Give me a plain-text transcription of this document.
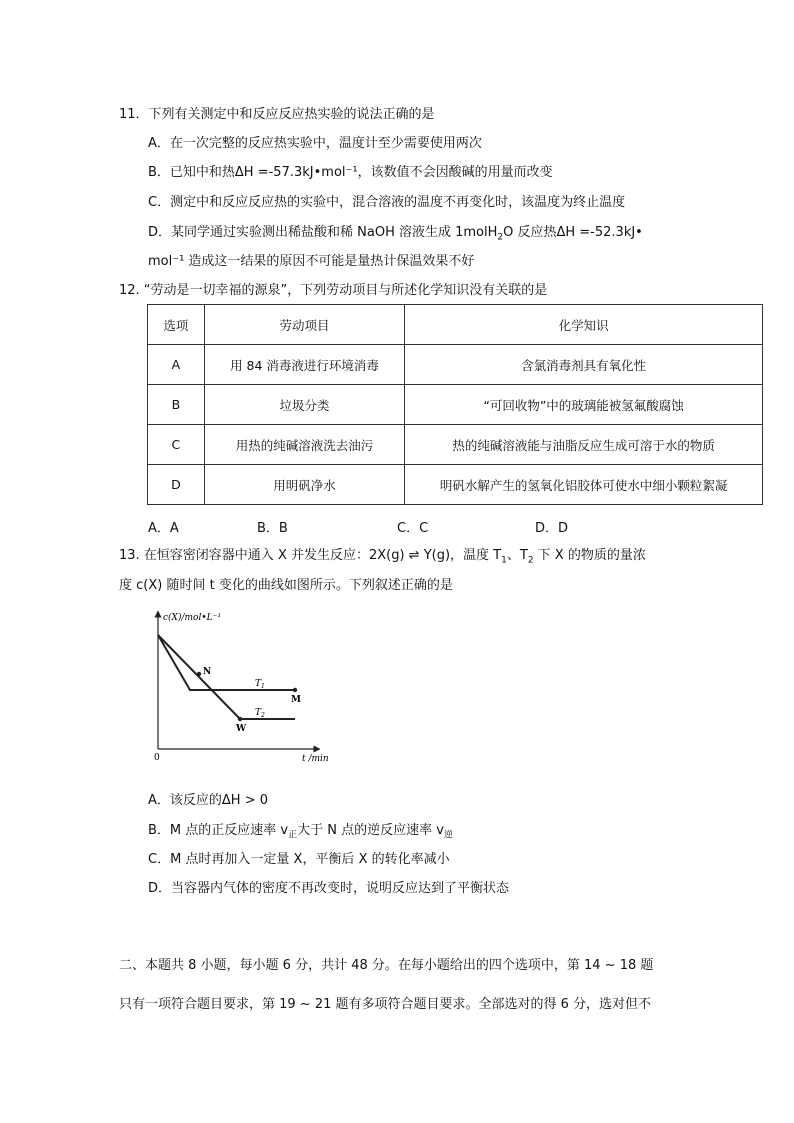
11．下列有关测定中和反应反应热实验的说法正确的是
A．在一次完整的反应热实验中，温度计至少需要使用两次
B．已知中和热ΔH =-57.3kJ•mol⁻¹，该数值不会因酸碱的用量而改变
C．测定中和反应反应热的实验中，混合溶液的温度不再变化时，该温度为终止温度
D．某同学通过实验测出稀盐酸和稀 NaOH 溶液生成 1molH$_2$O 反应热ΔH =-52.3kJ•
mol⁻¹ 造成这一结果的原因不可能是量热计保温效果不好
12. “劳动是一切幸福的源泉”，下列劳动项目与所述化学知识没有关联的是
选项	劳动项目	化学知识
A	用 84 消毒液进行环境消毒	含氯消毒剂具有氧化性
B	垃圾分类	“可回收物”中的玻璃能被氢氟酸腐蚀
C	用热的纯碱溶液洗去油污	热的纯碱溶液能与油脂反应生成可溶于水的物质
D	用明矾净水	明矾水解产生的氢氧化铝胶体可使水中细小颗粒絮凝
A．A	B．B	C．C	D．D
13. 在恒容密闭容器中通入 X 并发生反应：2X(g) ⇌ Y(g)，温度 $T_1$、$T_2$ 下 X 的物质的量浓
度 c(X) 随时间 t 变化的曲线如图所示。下列叙述正确的是
c(X)/mol•L⁻¹
t /min
0
N
M
W
$T_1$
$T_2$
A．该反应的ΔH > 0
B．M 点的正反应速率 $v_正$大于 N 点的逆反应速率 $v_逆$
C．M 点时再加入一定量 X，平衡后 X 的转化率减小
D．当容器内气体的密度不再改变时，说明反应达到了平衡状态
二、本题共 8 小题，每小题 6 分，共计 48 分。在每小题给出的四个选项中，第 14 ~ 18 题
只有一项符合题目要求，第 19 ~ 21 题有多项符合题目要求。全部选对的得 6 分，选对但不
